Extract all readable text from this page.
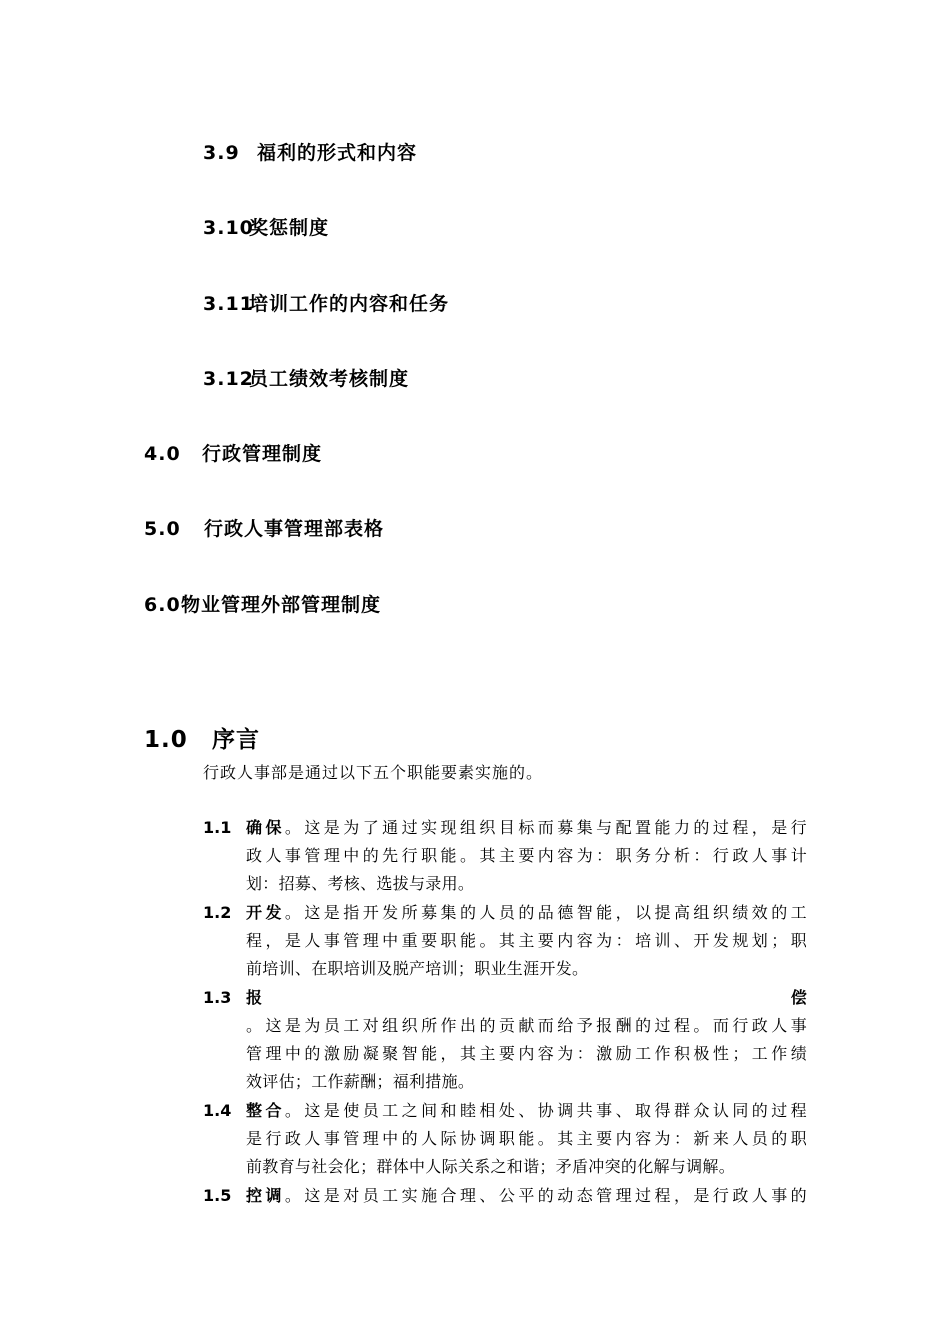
3.9 福利的形式和内容
3.10奖惩制度
3.11培训工作的内容和任务
3.12员工绩效考核制度
4.0 行政管理制度
5.0 行政人事管理部表格
6.0物业管理外部管理制度
1.0 序言
行政人事部是通过以下五个职能要素实施的。
1.1 确保。这是为了通过实现组织目标而募集与配置能力的过程，是行
政人事管理中的先行职能。其主要内容为：职务分析：行政人事计
划：招募、考核、选拔与录用。
1.2 开发。这是指开发所募集的人员的品德智能，以提高组织绩效的工
程，是人事管理中重要职能。其主要内容为：培训、开发规划；职
前培训、在职培训及脱产培训；职业生涯开发。
1.3 报	偿
。这是为员工对组织所作出的贡献而给予报酬的过程。而行政人事
管理中的激励凝聚智能，其主要内容为：激励工作积极性；工作绩
效评估；工作薪酬；福利措施。
1.4 整合。这是使员工之间和睦相处、协调共事、取得群众认同的过程
是行政人事管理中的人际协调职能。其主要内容为：新来人员的职
前教育与社会化；群体中人际关系之和谐；矛盾冲突的化解与调解。
1.5 控调。这是对员工实施合理、公平的动态管理过程，是行政人事的
